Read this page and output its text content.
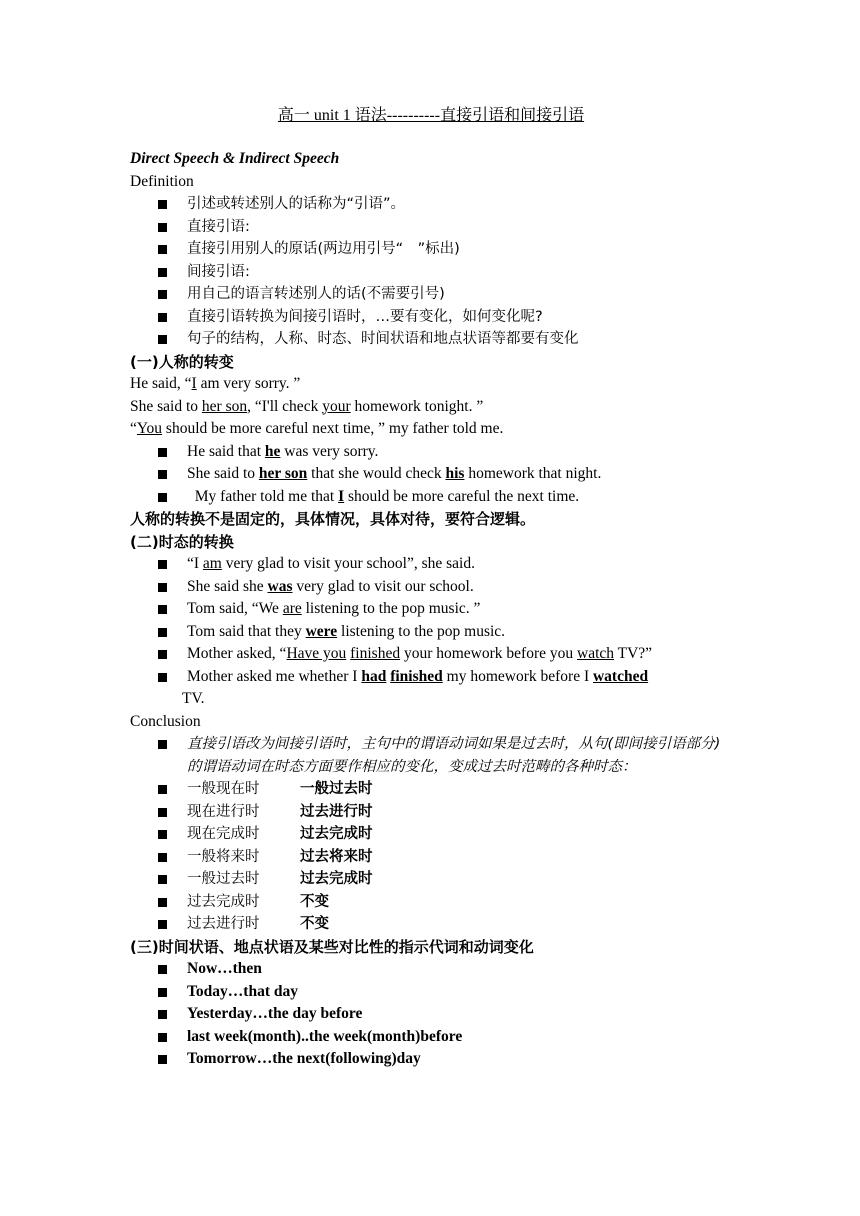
高一 unit 1 语法----------直接引语和间接引语
Direct Speech & Indirect Speech
Definition
引述或转述别人的话称为“引语”。
直接引语:
直接引用别人的原话(两边用引号“　”标出)
间接引语:
用自己的语言转述别人的话(不需要引号)
直接引语转换为间接引语时，…要有变化，如何变化呢?
句子的结构，人称、时态、时间状语和地点状语等都要有变化
(一)人称的转变
He said, “I am very sorry. ”
She said to her son, “I'll check your homework tonight. ”
“You should be more careful next time, ” my father told me.
He said that he was very sorry.
She said to her son that she would check his homework that night.
My father told me that I should be more careful the next time.
人称的转换不是固定的，具体情况，具体对待，要符合逻辑。
(二)时态的转换
“I am very glad to visit your school”, she said.
She said she was very glad to visit our school.
Tom said, “We are listening to the pop music. ”
Tom said that they were listening to the pop music.
Mother asked, “Have you finished your homework before you watch TV?”
Mother asked me whether I had finished my homework before I watched
TV.
Conclusion
直接引语改为间接引语时，主句中的谓语动词如果是过去时，从句(即间接引语部分)的谓语动词在时态方面要作相应的变化，变成过去时范畴的各种时态：
一般现在时	一般过去时
现在进行时	过去进行时
现在完成时	过去完成时
一般将来时	过去将来时
一般过去时	过去完成时
过去完成时	不变
过去进行时	不变
(三)时间状语、地点状语及某些对比性的指示代词和动词变化
Now…then
Today…that day
Yesterday…the day before
last week(month)..the week(month)before
Tomorrow…the next(following)day
